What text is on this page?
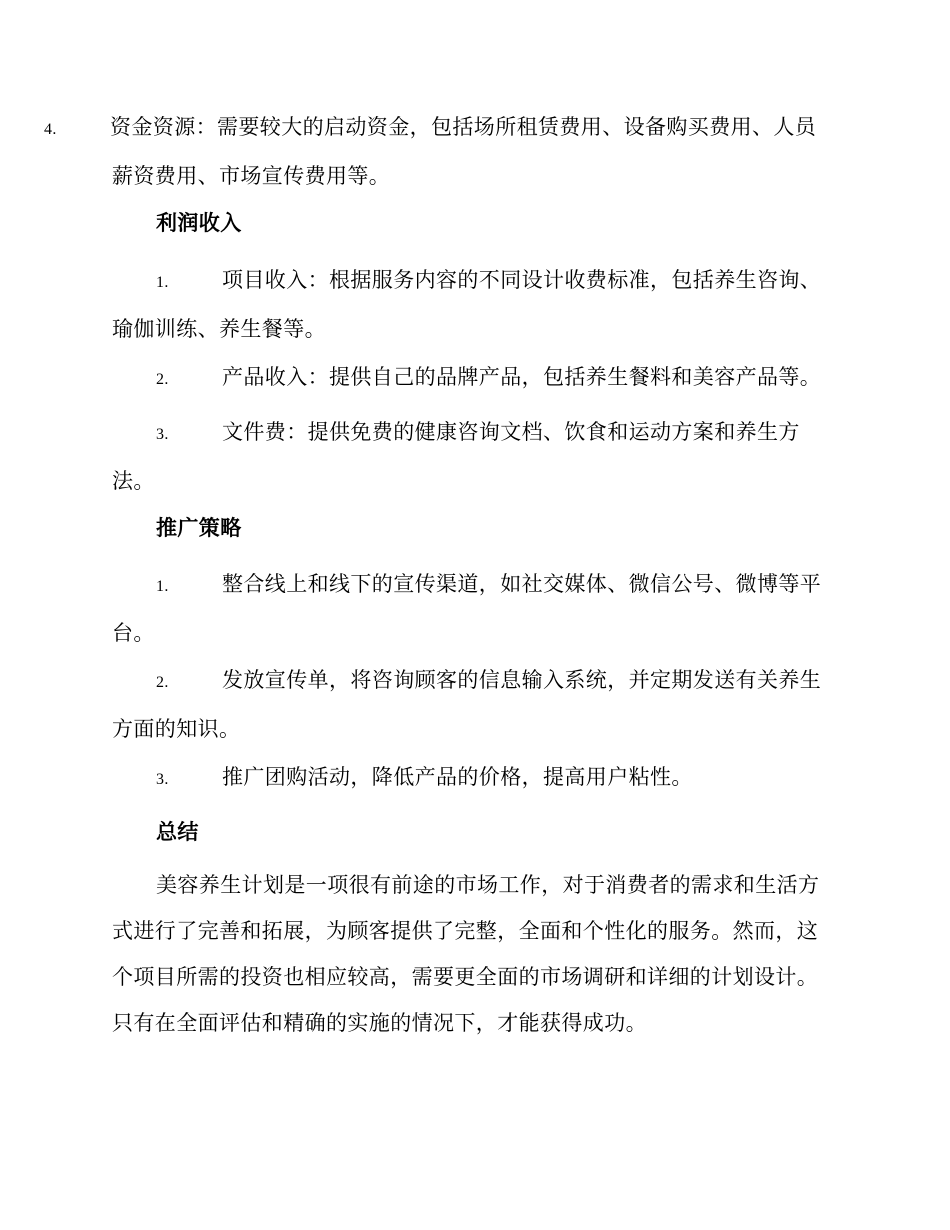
4.	资金资源：需要较大的启动资金，包括场所租赁费用、设备购买费用、人员薪资费用、市场宣传费用等。
利润收入
1.	项目收入：根据服务内容的不同设计收费标准，包括养生咨询、瑜伽训练、养生餐等。
2.	产品收入：提供自己的品牌产品，包括养生餐料和美容产品等。
3.	文件费：提供免费的健康咨询文档、饮食和运动方案和养生方法。
推广策略
1.	整合线上和线下的宣传渠道，如社交媒体、微信公号、微博等平台。
2.	发放宣传单，将咨询顾客的信息输入系统，并定期发送有关养生方面的知识。
3.	推广团购活动，降低产品的价格，提高用户粘性。
总结
美容养生计划是一项很有前途的市场工作，对于消费者的需求和生活方式进行了完善和拓展，为顾客提供了完整，全面和个性化的服务。然而，这个项目所需的投资也相应较高，需要更全面的市场调研和详细的计划设计。只有在全面评估和精确的实施的情况下，才能获得成功。
